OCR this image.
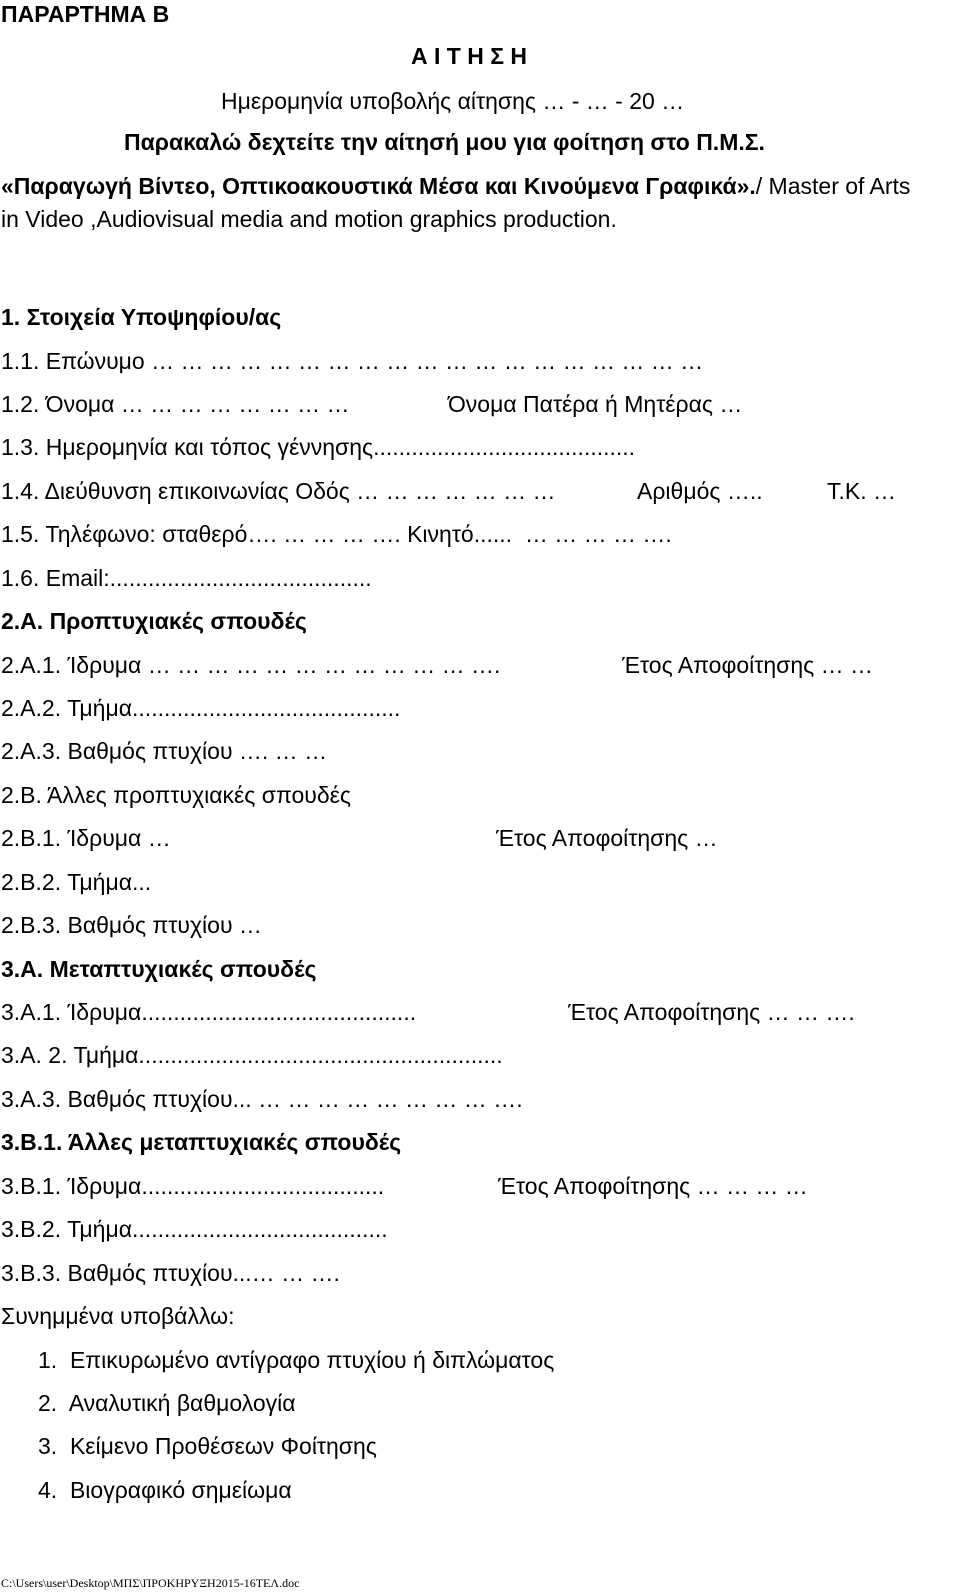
ΠΑΡΑΡΤΗΜΑ Β
Α Ι Τ Η Σ Η
Ημερομηνία υποβολής αίτησης … - … - 20 …
Παρακαλώ δεχτείτε την αίτησή μου για φοίτηση στο Π.Μ.Σ.
«Παραγωγή Βίντεο, Οπτικοακουστικά Μέσα και Κινούμενα Γραφικά»./ Master of Arts
in Video ,Audiovisual media and motion graphics production.
1. Στοιχεία Υποψηφίου/ας
1.1. Επώνυμο … … … … … … … … … … … … … … … … … … …
1.2. Όνομα … … … … … … … …	Όνομα Πατέρα ή Μητέρας …
1.3. Ημερομηνία και τόπος γέννησης.........................................
1.4. Διεύθυνση επικοινωνίας Οδός … … … … … … …	Αριθμός …..	Τ.Κ. …
1.5. Τηλέφωνο: σταθερό…. … … … …. Κινητό......  … … … … ….
1.6. Email:.........................................
2.Α. Προπτυχιακές σπουδές
2.Α.1. Ίδρυμα … … … … … … … … … … … ….	Έτος Αποφοίτησης … …
2.Α.2. Τμήμα..........................................
2.Α.3. Βαθμός πτυχίου …. … …
2.Β. Άλλες προπτυχιακές σπουδές
2.Β.1. Ίδρυμα …	Έτος Αποφοίτησης …
2.Β.2. Τμήμα...
2.Β.3. Βαθμός πτυχίου …
3.Α. Μεταπτυχιακές σπουδές
3.Α.1. Ίδρυμα...........................................	Έτος Αποφοίτησης … … ….
3.Α. 2. Τμήμα.........................................................
3.Α.3. Βαθμός πτυχίου... … … … … … … … … ….
3.Β.1. Άλλες μεταπτυχιακές σπουδές
3.Β.1. Ίδρυμα......................................	Έτος Αποφοίτησης … … … …
3.Β.2. Τμήμα........................................
3.Β.3. Βαθμός πτυχίου...… … ….
Συνημμένα υποβάλλω:
1.  Επικυρωμένο αντίγραφο πτυχίου ή διπλώματος
2.  Αναλυτική βαθμολογία
3.  Κείμενο Προθέσεων Φοίτησης
4.  Βιογραφικό σημείωμα
C:\Users\user\Desktop\ΜΠΣ\ΠΡΟΚΗΡΥΞΗ2015-16ΤΕΛ.doc
